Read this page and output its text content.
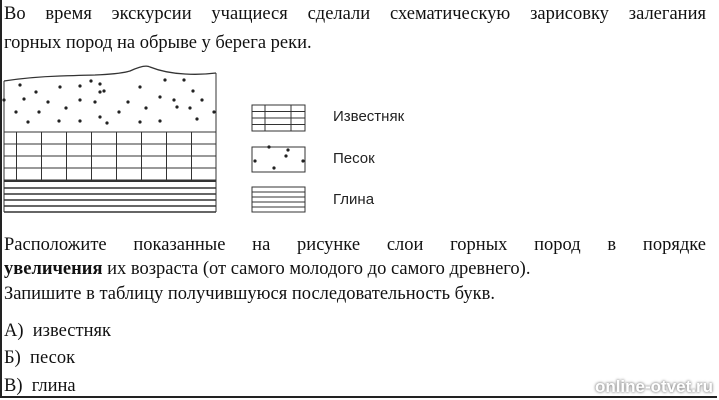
Во время экскурсии учащиеся сделали схематическую зарисовку залегания
горных пород на обрыве у берега реки.
Известняк
Песок
Глина
Расположите показанные на рисунке слои горных пород в порядке
увеличения их возраста (от самого молодого до самого древнего).
Запишите в таблицу получившуюся последовательность букв.
А) известняк
Б) песок
В) глина	online-otvet.ru
